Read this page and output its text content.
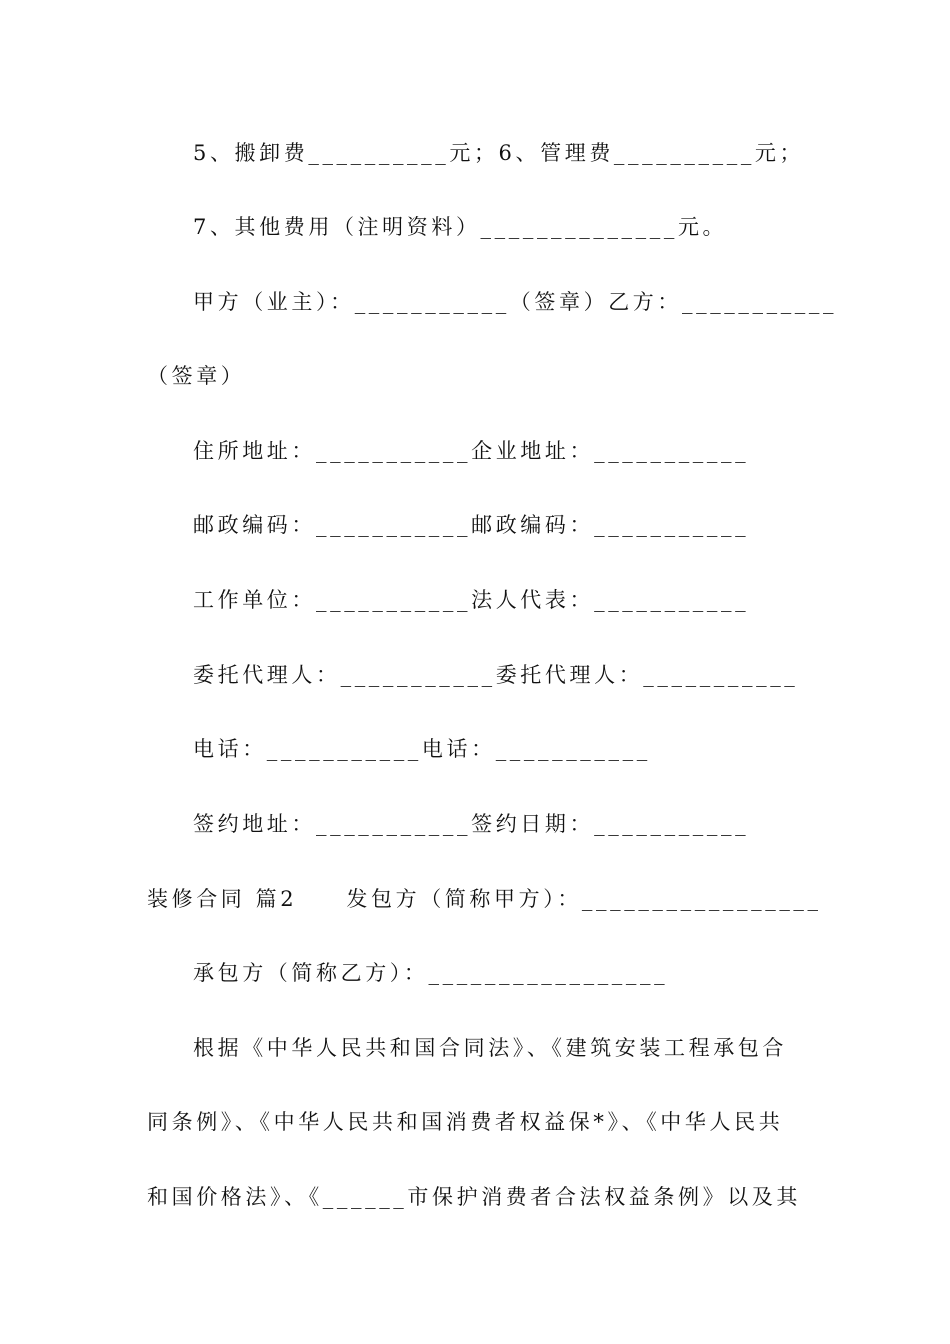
5、搬卸费__________元；6、管理费__________元；
7、其他费用（注明资料）______________元。
甲方（业主）：___________（签章）乙方：___________
（签章）
住所地址：___________企业地址：___________
邮政编码：___________邮政编码：___________
工作单位：___________法人代表：___________
委托代理人：___________委托代理人：___________
电话：___________电话：___________
签约地址：___________签约日期：___________
装修合同 篇2　　发包方（简称甲方）：_________________
承包方（简称乙方）：_________________
根据《中华人民共和国合同法》、《建筑安装工程承包合
同条例》、《中华人民共和国消费者权益保*》、《中华人民共
和国价格法》、《______市保护消费者合法权益条例》以及其
